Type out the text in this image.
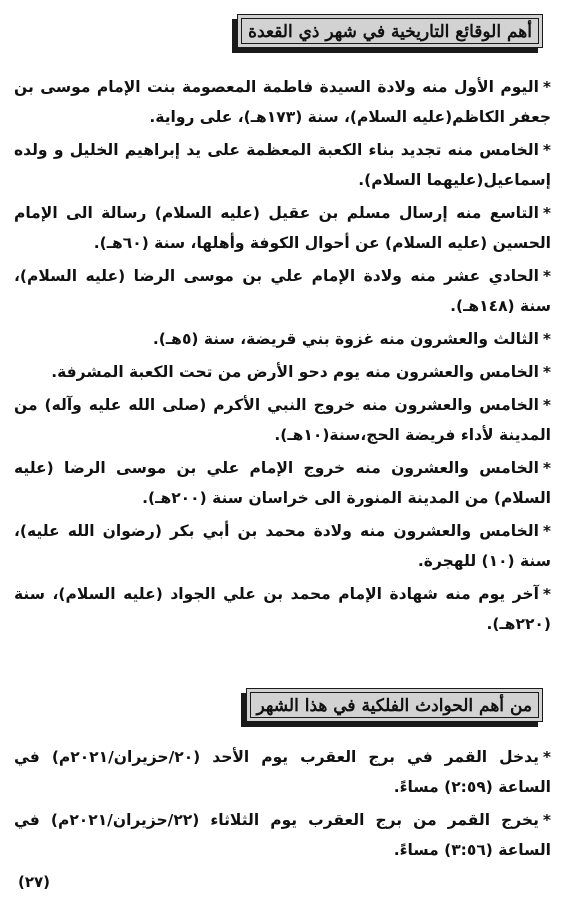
أهم الوقائع التاريخية في شهر ذي القعدة

*اليوم الأول منه ولادة السيدة فاطمة المعصومة بنت الإمام موسى بن جعفر الكاظم(عليه السلام)، سنة (١٧٣هـ)، على رواية.

*الخامس منه تجديد بناء الكعبة المعظمة على يد إبراهيم الخليل و ولده إسماعيل(عليهما السلام).

*التاسع منه إرسال مسلم بن عقيل (عليه السلام) رسالة الى الإمام الحسين (عليه السلام) عن أحوال الكوفة وأهلها، سنة (٦٠هـ).

*الحادي عشر منه ولادة الإمام علي بن موسى الرضا (عليه السلام)، سنة (١٤٨هـ).

*الثالث والعشرون منه غزوة بني قريضة، سنة (٥هـ).

*الخامس والعشرون منه يوم دحو الأرض من تحت الكعبة المشرفة.

*الخامس والعشرون منه خروج النبي الأكرم (صلى الله عليه وآله) من المدينة لأداء فريضة الحج،سنة(١٠هـ).

*الخامس والعشرون منه خروج الإمام علي بن موسى الرضا (عليه السلام) من المدينة المنورة الى خراسان سنة (٢٠٠هـ).

*الخامس والعشرون منه ولادة محمد بن أبي بكر (رضوان الله عليه)، سنة (١٠) للهجرة.

*آخر يوم منه شهادة الإمام محمد بن علي الجواد (عليه السلام)، سنة (٢٢٠هـ).

من أهم الحوادث الفلكية في هذا الشهر

*يدخل القمر في برج العقرب يوم الأحد (٢٠/حزيران/٢٠٢١م) في الساعة (٢:٥٩) مساءً.

*يخرج القمر من برج العقرب يوم الثلاثاء (٢٢/حزيران/٢٠٢١م) في الساعة (٣:٥٦) مساءً.

(٢٧)
